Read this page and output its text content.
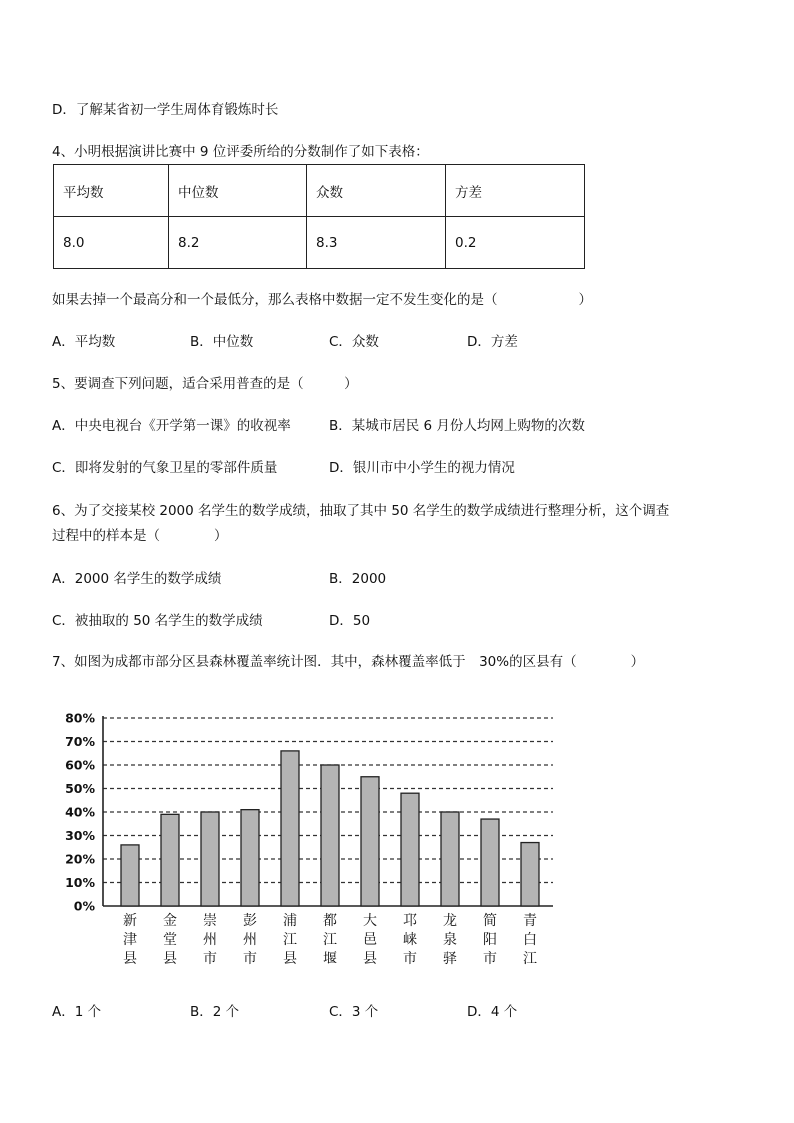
D．了解某省初一学生周体育锻炼时长
4、小明根据演讲比赛中 9 位评委所给的分数制作了如下表格：
平均数	中位数	众数	方差
8.0	8.2	8.3	0.2
如果去掉一个最高分和一个最低分，那么表格中数据一定不发生变化的是（　　　　　　）
A．平均数	B．中位数	C．众数	D．方差
5、要调查下列问题，适合采用普查的是（　　　）
A．中央电视台《开学第一课》的收视率	B．某城市居民 6 月份人均网上购物的次数
C．即将发射的气象卫星的零部件质量	D．银川市中小学生的视力情况
6、为了交接某校 2000 名学生的数学成绩，抽取了其中 50 名学生的数学成绩进行整理分析，这个调查
过程中的样本是（　　　　）
A．2000 名学生的数学成绩	B．2000
C．被抽取的 50 名学生的数学成绩	D．50
7、如图为成都市部分区县森林覆盖率统计图．其中，森林覆盖率低于　30%的区县有（　　　　）
0%
10%
20%
30%
40%
50%
60%
70%
80%
新
津
县
金
堂
县
崇
州
市
彭
州
市
浦
江
县
都
江
堰
大
邑
县
邛
崃
市
龙
泉
驿
简
阳
市
青
白
江
A．1 个	B．2 个	C．3 个	D．4 个
